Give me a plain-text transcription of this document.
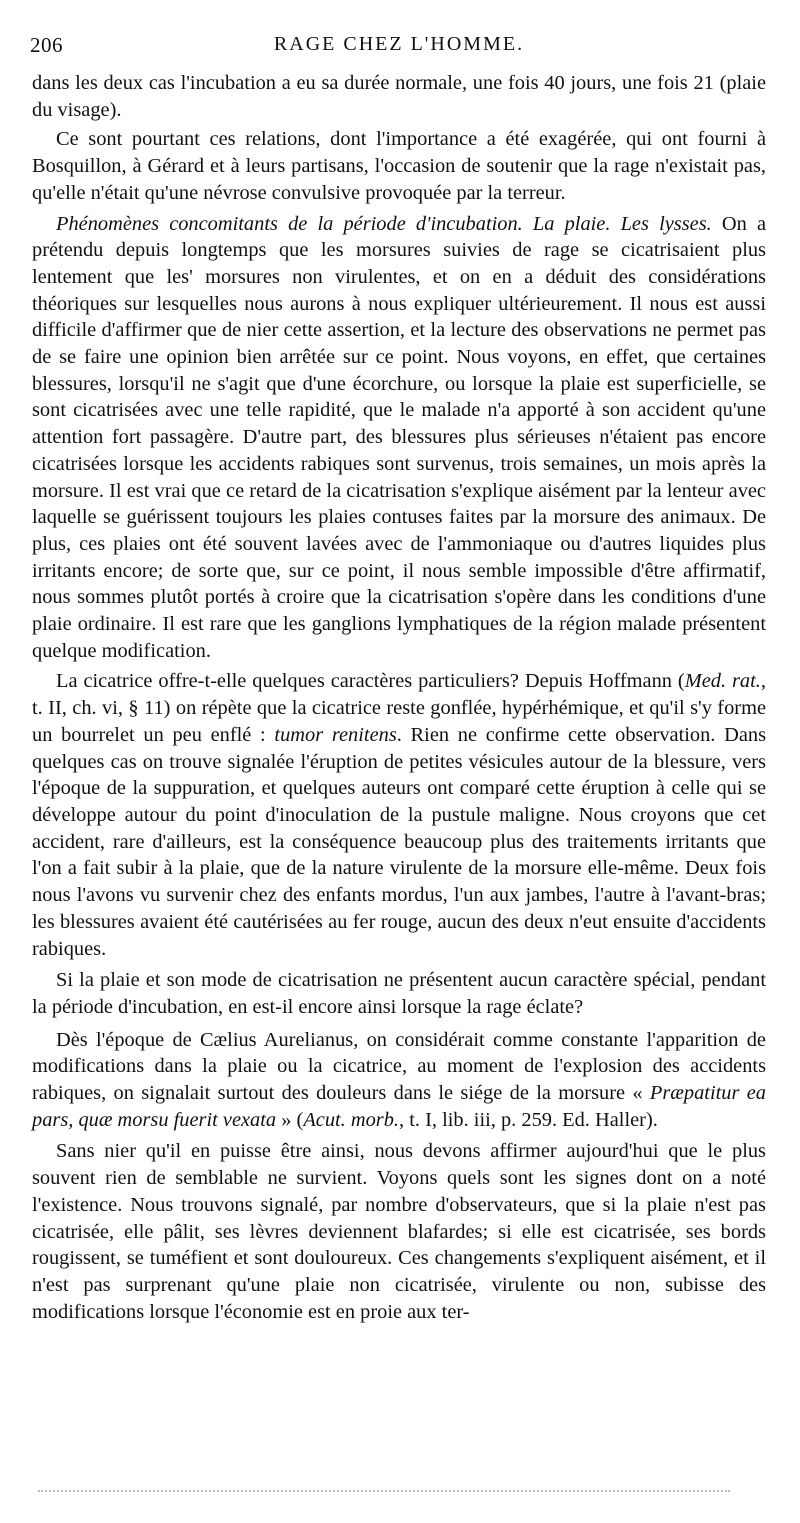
206	RAGE CHEZ L'HOMME.

dans les deux cas l'incubation a eu sa durée normale, une fois 40 jours, une fois 21 (plaie du visage).

Ce sont pourtant ces relations, dont l'importance a été exagérée, qui ont fourni à Bosquillon, à Gérard et à leurs partisans, l'occasion de soutenir que la rage n'existait pas, qu'elle n'était qu'une névrose convulsive provoquée par la terreur.

Phénomènes concomitants de la période d'incubation. La plaie. Les lysses. On a prétendu depuis longtemps que les morsures suivies de rage se cicatrisaient plus lentement que les' morsures non virulentes, et on en a déduit des considérations théoriques sur lesquelles nous aurons à nous expliquer ultérieurement. Il nous est aussi difficile d'affirmer que de nier cette assertion, et la lecture des observations ne permet pas de se faire une opinion bien arrêtée sur ce point. Nous voyons, en effet, que certaines blessures, lorsqu'il ne s'agit que d'une écorchure, ou lorsque la plaie est superficielle, se sont cicatrisées avec une telle rapidité, que le malade n'a apporté à son accident qu'une attention fort passagère. D'autre part, des blessures plus sérieuses n'étaient pas encore cicatrisées lorsque les accidents rabiques sont survenus, trois semaines, un mois après la morsure. Il est vrai que ce retard de la cicatrisation s'explique aisément par la lenteur avec laquelle se guérissent toujours les plaies contuses faites par la morsure des animaux. De plus, ces plaies ont été souvent lavées avec de l'ammoniaque ou d'autres liquides plus irritants encore; de sorte que, sur ce point, il nous semble impossible d'être affirmatif, nous sommes plutôt portés à croire que la cicatrisation s'opère dans les conditions d'une plaie ordinaire. Il est rare que les ganglions lymphatiques de la région malade présentent quelque modification.

La cicatrice offre-t-elle quelques caractères particuliers? Depuis Hoffmann (Med. rat., t. II, ch. vi, § 11) on répète que la cicatrice reste gonflée, hypérhémique, et qu'il s'y forme un bourrelet un peu enflé : tumor renitens. Rien ne confirme cette observation. Dans quelques cas on trouve signalée l'éruption de petites vésicules autour de la blessure, vers l'époque de la suppuration, et quelques auteurs ont comparé cette éruption à celle qui se développe autour du point d'inoculation de la pustule maligne. Nous croyons que cet accident, rare d'ailleurs, est la conséquence beaucoup plus des traitements irritants que l'on a fait subir à la plaie, que de la nature virulente de la morsure elle-même. Deux fois nous l'avons vu survenir chez des enfants mordus, l'un aux jambes, l'autre à l'avant-bras; les blessures avaient été cautérisées au fer rouge, aucun des deux n'eut ensuite d'accidents rabiques.

Si la plaie et son mode de cicatrisation ne présentent aucun caractère spécial, pendant la période d'incubation, en est-il encore ainsi lorsque la rage éclate?

Dès l'époque de Cælius Aurelianus, on considérait comme constante l'apparition de modifications dans la plaie ou la cicatrice, au moment de l'explosion des accidents rabiques, on signalait surtout des douleurs dans le siége de la morsure « Præpatitur ea pars, quæ morsu fuerit vexata » (Acut. morb., t. I, lib. iii, p. 259. Ed. Haller).

Sans nier qu'il en puisse être ainsi, nous devons affirmer aujourd'hui que le plus souvent rien de semblable ne survient. Voyons quels sont les signes dont on a noté l'existence. Nous trouvons signalé, par nombre d'observateurs, que si la plaie n'est pas cicatrisée, elle pâlit, ses lèvres deviennent blafardes; si elle est cicatrisée, ses bords rougissent, se tuméfient et sont douloureux. Ces changements s'expliquent aisément, et il n'est pas surprenant qu'une plaie non cicatrisée, virulente ou non, subisse des modifications lorsque l'économie est en proie aux ter-
